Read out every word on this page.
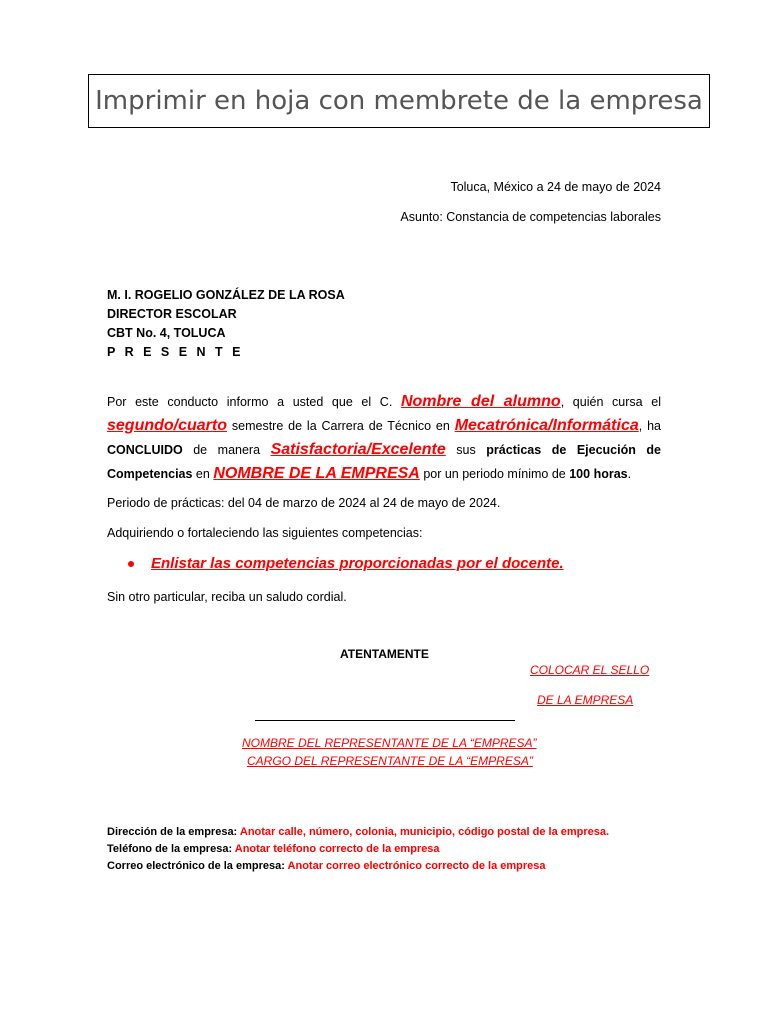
Imprimir en hoja con membrete de la empresa
Toluca, México a 24 de mayo de 2024
Asunto: Constancia de competencias laborales
M. I. ROGELIO GONZÁLEZ DE LA ROSA
DIRECTOR ESCOLAR
CBT No. 4, TOLUCA
P R E S E N T E
Por este conducto informo a usted que el C. Nombre del alumno, quién cursa el segundo/cuarto semestre de la Carrera de Técnico en Mecatrónica/Informática, ha CONCLUIDO de manera Satisfactoria/Excelente sus prácticas de Ejecución de Competencias en NOMBRE DE LA EMPRESA por un periodo mínimo de 100 horas.
Periodo de prácticas: del 04 de marzo de 2024 al 24 de mayo de 2024.
Adquiriendo o fortaleciendo las siguientes competencias:
Enlistar las competencias proporcionadas por el docente.
Sin otro particular, reciba un saludo cordial.
ATENTAMENTE
COLOCAR EL SELLO
DE LA EMPRESA
NOMBRE DEL REPRESENTANTE DE LA “EMPRESA”
CARGO DEL REPRESENTANTE DE LA “EMPRESA”
Dirección de la empresa: Anotar calle, número, colonia, municipio, código postal de la empresa.
Teléfono de la empresa: Anotar teléfono correcto de la empresa
Correo electrónico de la empresa: Anotar correo electrónico correcto de la empresa
